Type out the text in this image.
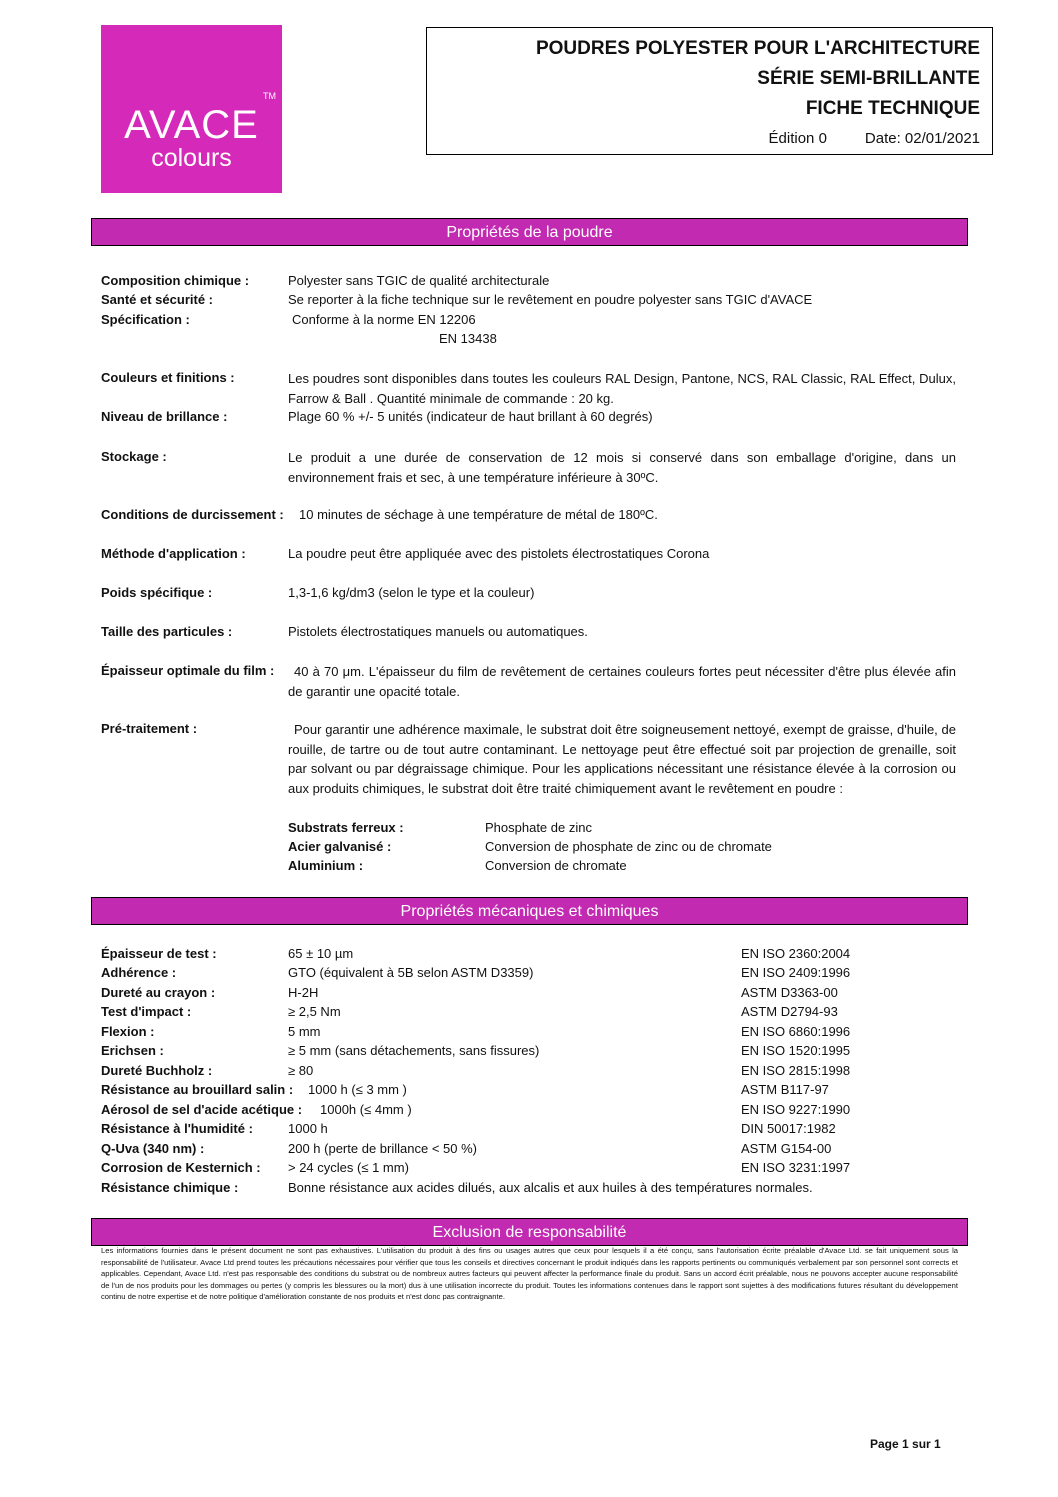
AVACE
TM
colours
POUDRES POLYESTER POUR L'ARCHITECTURE
SÉRIE SEMI-BRILLANTE
FICHE TECHNIQUE
Édition 0	Date: 02/01/2021
Propriétés de la poudre
Composition chimique :	Polyester sans TGIC de qualité architecturale
Santé et sécurité :	Se reporter à la fiche technique sur le revêtement en poudre polyester sans TGIC d'AVACE
Spécification :	Conforme à la norme EN 12206
EN 13438
Couleurs et finitions :	Les poudres sont disponibles dans toutes les couleurs RAL Design, Pantone, NCS, RAL Classic, RAL Effect, Dulux, Farrow & Ball . Quantité minimale de commande : 20 kg.
Niveau de brillance :	Plage 60 % +/- 5 unités (indicateur de haut brillant à 60 degrés)
Stockage :	Le produit a une durée de conservation de 12 mois si conservé dans son emballage d'origine, dans un environnement frais et sec, à une température inférieure à 30ºC.
Conditions de durcissement : 10 minutes de séchage à une température de métal de 180ºC.
Méthode d'application :	La poudre peut être appliquée avec des pistolets électrostatiques Corona
Poids spécifique :	1,3-1,6 kg/dm3 (selon le type et la couleur)
Taille des particules :	Pistolets électrostatiques manuels ou automatiques.
Épaisseur optimale du film :	40 à 70 μm. L'épaisseur du film de revêtement de certaines couleurs fortes peut nécessiter d'être plus élevée afin de garantir une opacité totale.
Pré-traitement :	Pour garantir une adhérence maximale, le substrat doit être soigneusement nettoyé, exempt de graisse, d'huile, de rouille, de tartre ou de tout autre contaminant. Le nettoyage peut être effectué soit par projection de grenaille, soit par solvant ou par dégraissage chimique. Pour les applications nécessitant une résistance élevée à la corrosion ou aux produits chimiques, le substrat doit être traité chimiquement avant le revêtement en poudre :
Substrats ferreux :	Phosphate de zinc
Acier galvanisé :	Conversion de phosphate de zinc ou de chromate
Aluminium :	Conversion de chromate
Propriétés mécaniques et chimiques
Épaisseur de test :	65 ± 10 µm	EN ISO 2360:2004
Adhérence :	GTO (équivalent à 5B selon ASTM D3359)	EN ISO 2409:1996
Dureté au crayon :	H-2H	ASTM D3363-00
Test d'impact :	≥ 2,5 Nm	ASTM D2794-93
Flexion :	5 mm	EN ISO 6860:1996
Erichsen :	≥ 5 mm (sans détachements, sans fissures)	EN ISO 1520:1995
Dureté Buchholz :	≥ 80	EN ISO 2815:1998
Résistance au brouillard salin : 1000 h (≤ 3 mm )	ASTM B117-97
Aérosol de sel d'acide acétique : 1000h (≤ 4mm )	EN ISO 9227:1990
Résistance à l'humidité :	1000 h	DIN 50017:1982
Q-Uva (340 nm) :	200 h (perte de brillance < 50 %)	ASTM G154-00
Corrosion de Kesternich : > 24 cycles (≤ 1 mm)	EN ISO 3231:1997
Résistance chimique :	Bonne résistance aux acides dilués, aux alcalis et aux huiles à des températures normales.
Exclusion de responsabilité
Les informations fournies dans le présent document ne sont pas exhaustives. L'utilisation du produit à des fins ou usages autres que ceux pour lesquels il a été conçu, sans l'autorisation écrite préalable d'Avace Ltd. se fait uniquement sous la responsabilité de l'utilisateur. Avace Ltd prend toutes les précautions nécessaires pour vérifier que tous les conseils et directives concernant le produit indiqués dans les rapports pertinents ou communiqués verbalement par son personnel sont corrects et applicables. Cependant, Avace Ltd. n'est pas responsable des conditions du substrat ou de nombreux autres facteurs qui peuvent affecter la performance finale du produit. Sans un accord écrit préalable, nous ne pouvons accepter aucune responsabilité de l'un de nos produits pour les dommages ou pertes (y compris les blessures ou la mort) dus à une utilisation incorrecte du produit. Toutes les informations contenues dans le rapport sont sujettes à des modifications futures résultant du développement continu de notre expertise et de notre politique d'amélioration constante de nos produits et n'est donc pas contraignante.
Page 1 sur 1
